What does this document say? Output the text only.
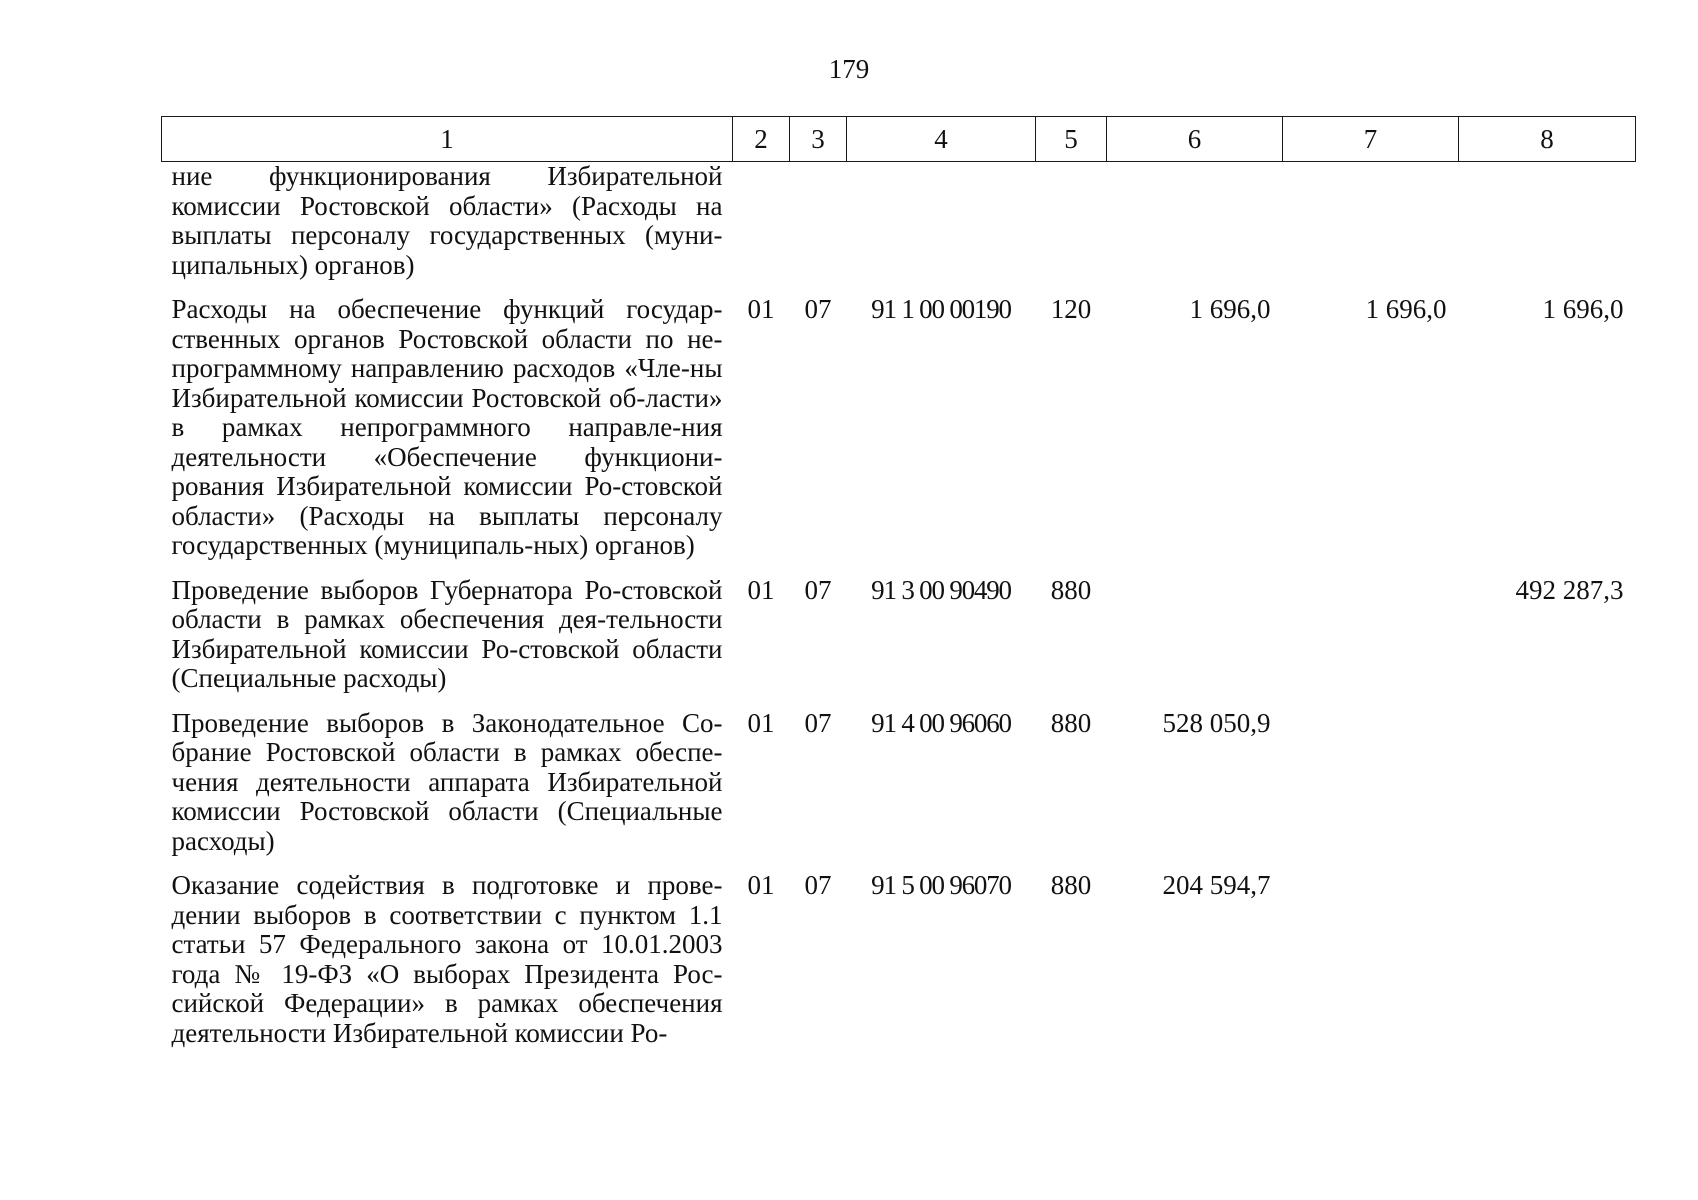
179
1	2	3	4	5	6	7	8
ние функционирования Избирательной комиссии Ростовской области» (Расходы на выплаты персоналу государственных (муни-ципальных) органов)							
Расходы на обеспечение функций государ-ственных органов Ростовской области по не-программному направлению расходов «Чле-ны Избирательной комиссии Ростовской об-ласти» в рамках непрограммного направле-ния деятельности «Обеспечение функциони-рования Избирательной комиссии Ро-стовской области» (Расходы на выплаты персоналу государственных (муниципаль-ных) органов)	01	07	91 1 00 00190	120	1 696,0	1 696,0	1 696,0
Проведение выборов Губернатора Ро-стовской области в рамках обеспечения дея-тельности Избирательной комиссии Ро-стовской области (Специальные расходы)	01	07	91 3 00 90490	880			492 287,3
Проведение выборов в Законодательное Со-брание Ростовской области в рамках обеспе-чения деятельности аппарата Избирательной комиссии Ростовской области (Специальные расходы)	01	07	91 4 00 96060	880	528 050,9		
Оказание содействия в подготовке и прове-дении выборов в соответствии с пунктом 1.1 статьи 57 Федерального закона от 10.01.2003 года № 19-ФЗ «О выборах Президента Рос-сийской Федерации» в рамках обеспечения деятельности Избирательной комиссии Ро-	01	07	91 5 00 96070	880	204 594,7		
